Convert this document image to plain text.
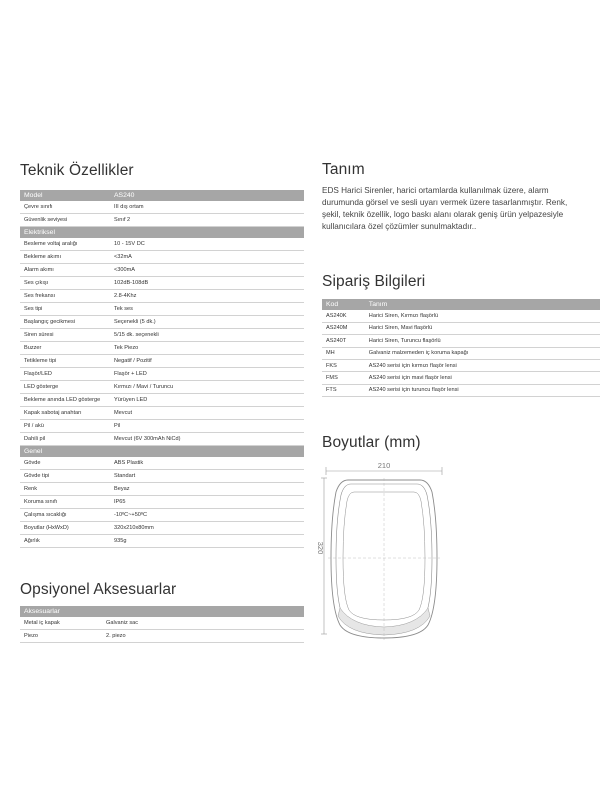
Teknik Özellikler
Model	AS240
Çevre sınıfı	III dış ortam
Güvenlik seviyesi	Sınıf 2
Elektriksel	
Besleme voltaj aralığı	10 - 15V DC
Bekleme akımı	<32mA
Alarm akımı	<300mA
Ses çıkışı	102dB-108dB
Ses frekansı	2.8-4Khz
Ses tipi	Tek ses
Başlangıç gecikmesi	Seçenekli (5 dk.)
Siren süresi	5/15 dk. seçenekli
Buzzer	Tek Piezo
Tetikleme tipi	Negatif / Pozitif
Flaşör/LED	Flaşör + LED
LED gösterge	Kırmızı / Mavi / Turuncu
Bekleme anında LED gösterge	Yürüyen LED
Kapak sabotaj anahtarı	Mevcut
Pil / akü	Pil
Dahili pil	Mevcut (6V 300mAh NiCd)
Genel	
Gövde	ABS Plastik
Gövde tipi	Standart
Renk	Beyaz
Koruma sınıfı	IP65
Çalışma sıcaklığı	-10ºC~+50ºC
Boyutlar (HxWxD)	320x210x80mm
Ağırlık	935g
Opsiyonel Aksesuarlar
Aksesuarlar	
Metal iç kapak	Galvaniz sac
Piezo	2. piezo
Tanım

EDS Harici Sirenler, harici ortamlarda kullanılmak üzere, alarm durumunda görsel ve sesli uyarı vermek üzere tasarlanmıştır. Renk, şekil, teknik özellik, logo baskı alanı olarak geniş ürün yelpazesiyle kullanıcılara özel çözümler sunulmaktadır..

Sipariş Bilgileri
Kod	Tanım
AS240K	Harici Siren, Kırmızı flaşörlü
AS240M	Harici Siren, Mavi flaşörlü
AS240T	Harici Siren, Turuncu flaşörlü
MH	Galvaniz malzemeden iç koruma kapağı
FKS	AS240 serisi için kırmızı flaşör lensi
FMS	AS240 serisi için mavi flaşör lensi
FTS	AS240 serisi için turuncu flaşör lensi
Boyutlar (mm)
210
320
